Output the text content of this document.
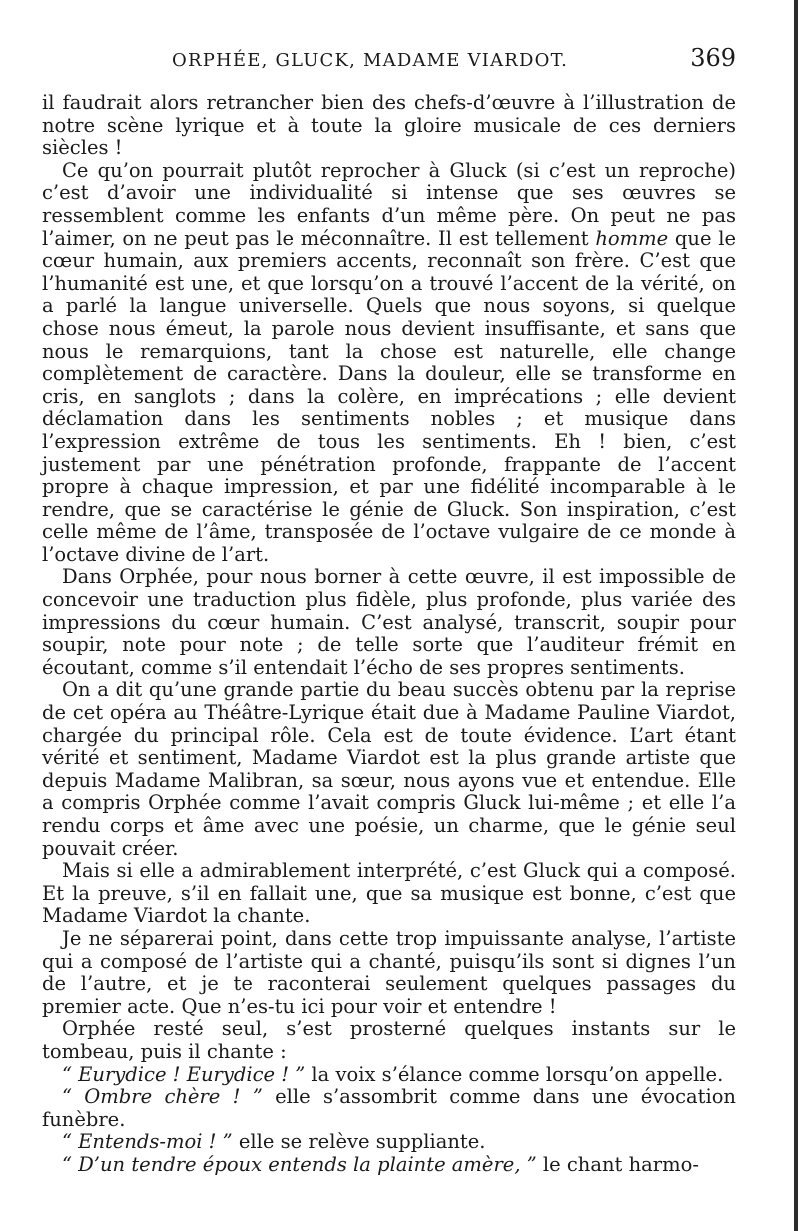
ORPHÉE, GLUCK, MADAME VIARDOT.	369

il faudrait alors retrancher bien des chefs-d’œuvre à l’illustration de notre scène lyrique et à toute la gloire musicale de ces derniers siècles !

Ce qu’on pourrait plutôt reprocher à Gluck (si c’est un reproche) c’est d’avoir une individualité si intense que ses œuvres se ressemblent comme les enfants d’un même père. On peut ne pas l’aimer, on ne peut pas le méconnaître. Il est tellement homme que le cœur humain, aux premiers accents, reconnaît son frère. C’est que l’humanité est une, et que lorsqu’on a trouvé l’accent de la vérité, on a parlé la langue universelle. Quels que nous soyons, si quelque chose nous émeut, la parole nous devient insuffisante, et sans que nous le remarquions, tant la chose est naturelle, elle change complètement de caractère. Dans la douleur, elle se transforme en cris, en sanglots ; dans la colère, en imprécations ; elle devient déclamation dans les sentiments nobles ; et musique dans l’expression extrême de tous les sentiments. Eh ! bien, c’est justement par une pénétration profonde, frappante de l’accent propre à chaque impression, et par une fidélité incomparable à le rendre, que se caractérise le génie de Gluck. Son inspiration, c’est celle même de l’âme, transposée de l’octave vulgaire de ce monde à l’octave divine de l’art.

Dans Orphée, pour nous borner à cette œuvre, il est impossible de concevoir une traduction plus fidèle, plus profonde, plus variée des impressions du cœur humain. C’est analysé, transcrit, soupir pour soupir, note pour note ; de telle sorte que l’auditeur frémit en écoutant, comme s’il entendait l’écho de ses propres sentiments.

On a dit qu’une grande partie du beau succès obtenu par la reprise de cet opéra au Théâtre-Lyrique était due à Madame Pauline Viardot, chargée du principal rôle. Cela est de toute évidence. L’art étant vérité et sentiment, Madame Viardot est la plus grande artiste que depuis Madame Malibran, sa sœur, nous ayons vue et entendue. Elle a compris Orphée comme l’avait compris Gluck lui-même ; et elle l’a rendu corps et âme avec une poésie, un charme, que le génie seul pouvait créer.

Mais si elle a admirablement interprété, c’est Gluck qui a composé. Et la preuve, s’il en fallait une, que sa musique est bonne, c’est que Madame Viardot la chante.

Je ne séparerai point, dans cette trop impuissante analyse, l’artiste qui a composé de l’artiste qui a chanté, puisqu’ils sont si dignes l’un de l’autre, et je te raconterai seulement quelques passages du premier acte. Que n’es-tu ici pour voir et entendre !

Orphée resté seul, s’est prosterné quelques instants sur le tombeau, puis il chante :

“ Eurydice ! Eurydice ! ” la voix s’élance comme lorsqu’on appelle.

“ Ombre chère ! ” elle s’assombrit comme dans une évocation funèbre.

“ Entends-moi ! ” elle se relève suppliante.

“ D’un tendre époux entends la plainte amère, ” le chant harmo-
